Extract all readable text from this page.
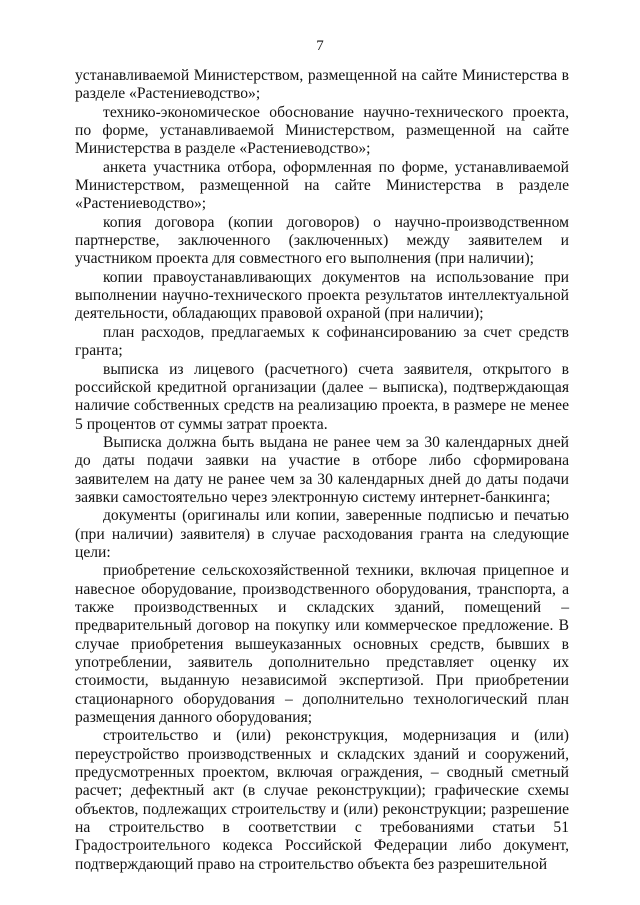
7

устанавливаемой Министерством, размещенной на сайте Министерства в разделе «Растениеводство»;

технико-экономическое обоснование научно-технического проекта, по форме, устанавливаемой Министерством, размещенной на сайте Министерства в разделе «Растениеводство»;

анкета участника отбора, оформленная по форме, устанавливаемой Министерством, размещенной на сайте Министерства в разделе «Растениеводство»;

копия договора (копии договоров) о научно-производственном партнерстве, заключенного (заключенных) между заявителем и участником проекта для совместного его выполнения (при наличии);

копии правоустанавливающих документов на использование при выполнении научно-технического проекта результатов интеллектуальной деятельности, обладающих правовой охраной (при наличии);

план расходов, предлагаемых к софинансированию за счет средств гранта;

выписка из лицевого (расчетного) счета заявителя, открытого в российской кредитной организации (далее – выписка), подтверждающая наличие собственных средств на реализацию проекта, в размере не менее 5 процентов от суммы затрат проекта.

Выписка должна быть выдана не ранее чем за 30 календарных дней до даты подачи заявки на участие в отборе либо сформирована заявителем на дату не ранее чем за 30 календарных дней до даты подачи заявки самостоятельно через электронную систему интернет-банкинга;

документы (оригиналы или копии, заверенные подписью и печатью (при наличии) заявителя) в случае расходования гранта на следующие цели:

приобретение сельскохозяйственной техники, включая прицепное и навесное оборудование, производственного оборудования, транспорта, а также производственных и складских зданий, помещений – предварительный договор на покупку или коммерческое предложение. В случае приобретения вышеуказанных основных средств, бывших в употреблении, заявитель дополнительно представляет оценку их стоимости, выданную независимой экспертизой. При приобретении стационарного оборудования – дополнительно технологический план размещения данного оборудования;

строительство и (или) реконструкция, модернизация и (или) переустройство производственных и складских зданий и сооружений, предусмотренных проектом, включая ограждения, – сводный сметный расчет; дефектный акт (в случае реконструкции); графические схемы объектов, подлежащих строительству и (или) реконструкции; разрешение на строительство в соответствии с требованиями статьи 51 Градостроительного кодекса Российской Федерации либо документ, подтверждающий право на строительство объекта без разрешительной
